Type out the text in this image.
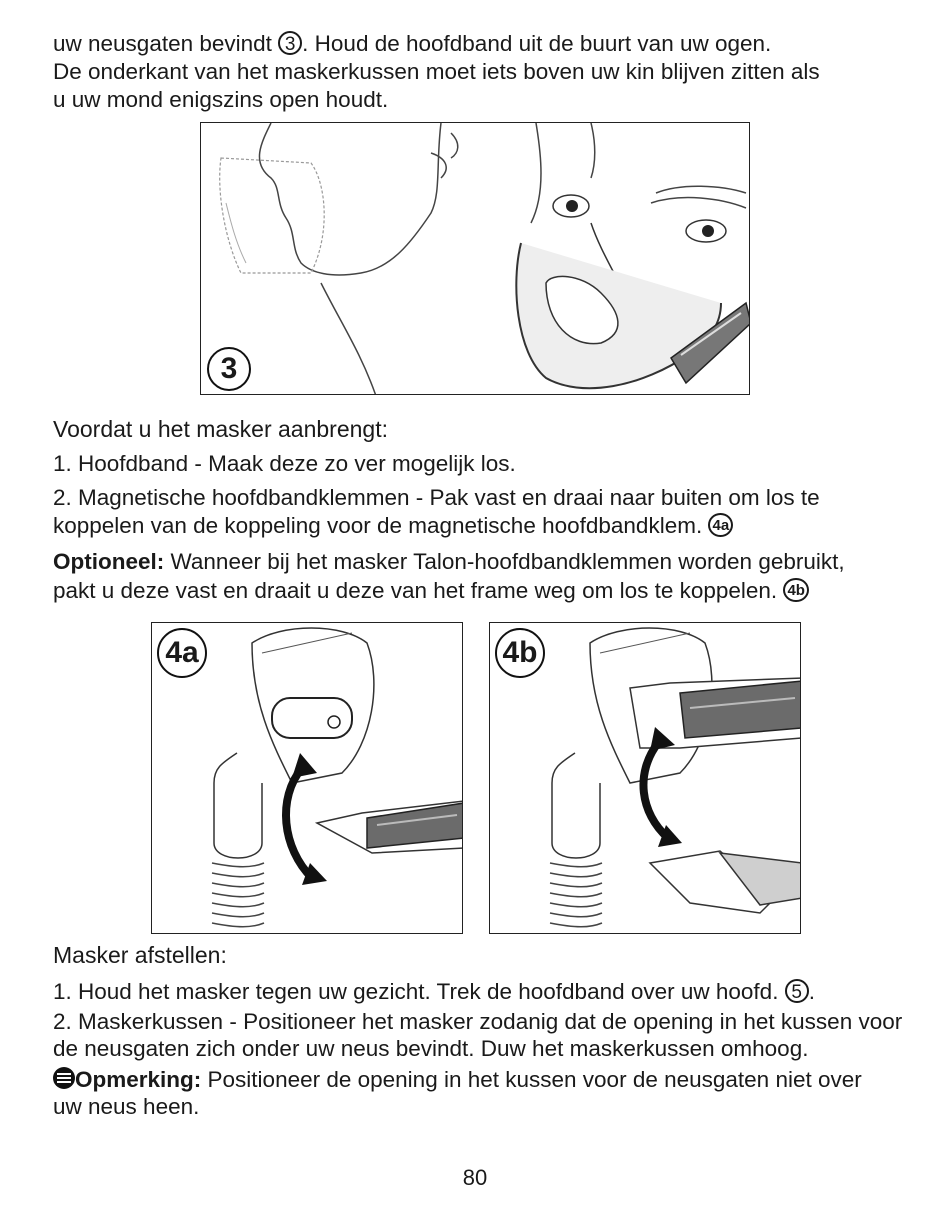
uw neusgaten bevindt 3 . Houd de hoofdband uit de buurt van uw ogen.
De onderkant van het maskerkussen moet iets boven uw kin blijven zitten als
u uw mond enigszins open houdt.
3
Voordat u het masker aanbrengt:
1. Hoofdband - Maak deze zo ver mogelijk los.
2. Magnetische hoofdbandklemmen - Pak vast en draai naar buiten om los te
koppelen van de koppeling voor de magnetische hoofdbandklem. 4a
Optioneel: Wanneer bij het masker Talon-hoofdbandklemmen worden gebruikt,
pakt u deze vast en draait u deze van het frame weg om los te koppelen. 4b
4a	4b
Masker afstellen:
1. Houd het masker tegen uw gezicht. Trek de hoofdband over uw hoofd. 5 .
2. Maskerkussen - Positioneer het masker zodanig dat de opening in het kussen voor
de neusgaten zich onder uw neus bevindt. Duw het maskerkussen omhoog.
Opmerking: Positioneer de opening in het kussen voor de neusgaten niet over
uw neus heen.
80
